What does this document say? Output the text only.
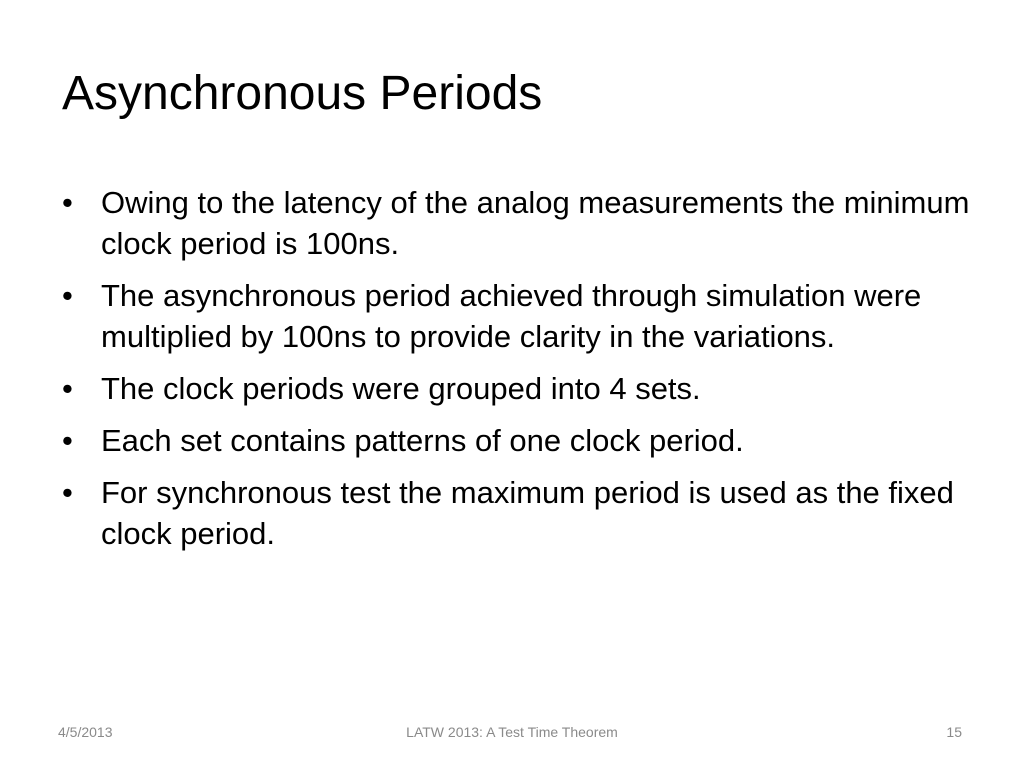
Asynchronous Periods
• Owing to the latency of the analog measurements the minimum clock period is 100ns.
• The asynchronous period achieved through simulation were multiplied by 100ns to provide clarity in the variations.
• The clock periods were grouped into 4 sets.
• Each set contains patterns of one clock period.
• For synchronous test the maximum period is used as the fixed clock period.
4/5/2013	LATW 2013: A Test Time Theorem	15
